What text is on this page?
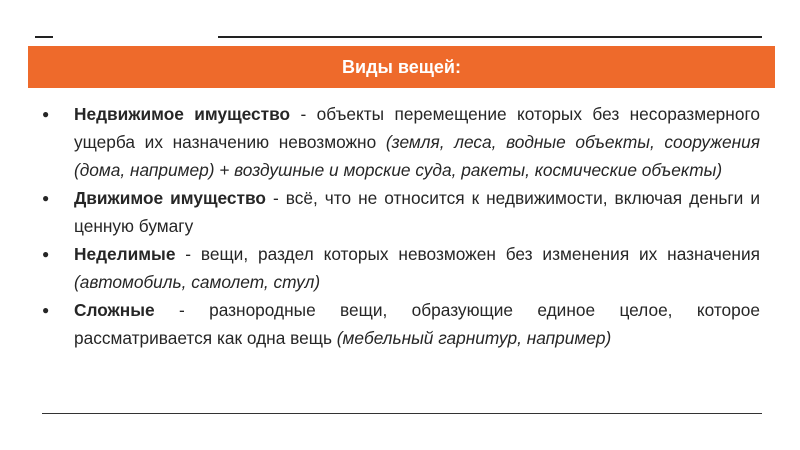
Виды вещей:
●	Недвижимое имущество - объекты перемещение которых без несоразмерного ущерба их назначению невозможно (земля, леса, водные объекты, сооружения (дома, например) + воздушные и морские суда, ракеты, космические объекты)
●	Движимое имущество - всё, что не относится к недвижимости, включая деньги и ценную бумагу
●	Неделимые - вещи, раздел которых невозможен без изменения их назначения (автомобиль, самолет, стул)
●	Сложные - разнородные вещи, образующие единое целое, которое рассматривается как одна вещь (мебельный гарнитур, например)
